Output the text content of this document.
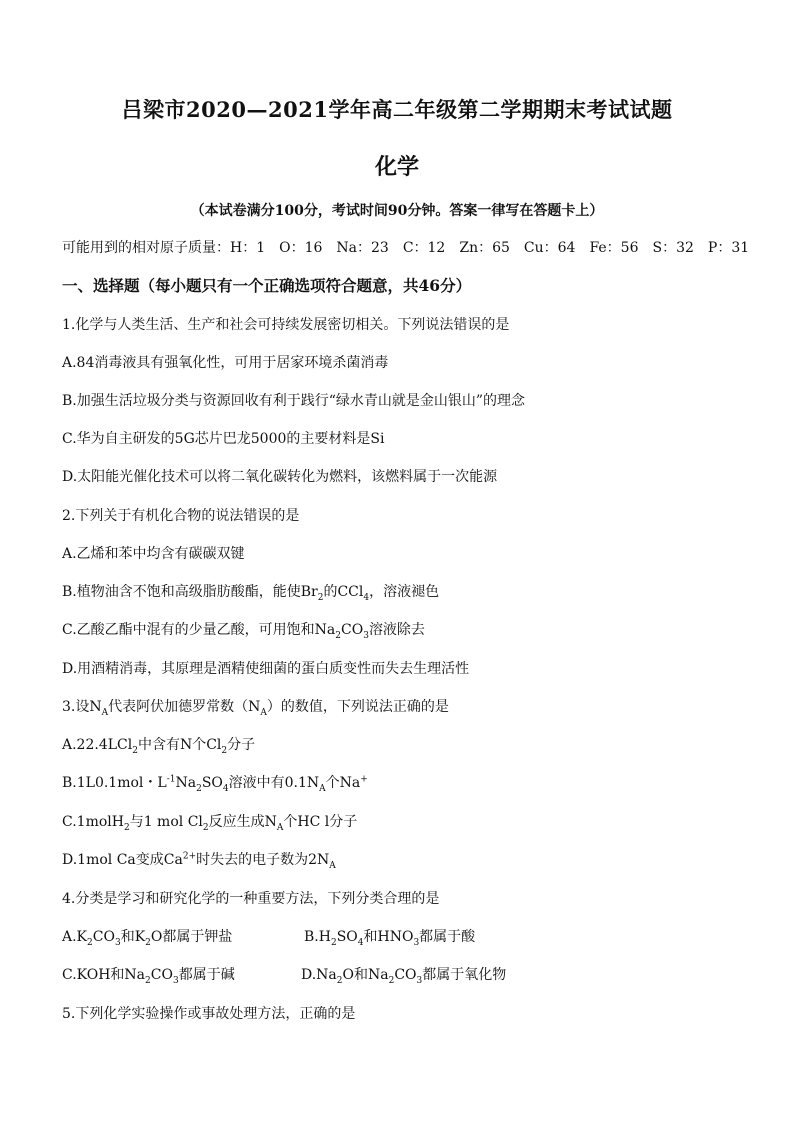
吕梁市2020—2021学年高二年级第二学期期末考试试题
化学
（本试卷满分100分，考试时间90分钟。答案一律写在答题卡上）
可能用到的相对原子质量：H：1　O：16　Na：23　C：12　Zn：65　Cu：64　Fe：56　S：32　P：31
一、选择题（每小题只有一个正确选项符合题意，共46分）
1.化学与人类生活、生产和社会可持续发展密切相关。下列说法错误的是
A.84消毒液具有强氧化性，可用于居家环境杀菌消毒
B.加强生活垃圾分类与资源回收有利于践行“绿水青山就是金山银山”的理念
C.华为自主研发的5G芯片巴龙5000的主要材料是Si
D.太阳能光催化技术可以将二氧化碳转化为燃料，该燃料属于一次能源
2.下列关于有机化合物的说法错误的是
A.乙烯和苯中均含有碳碳双键
B.植物油含不饱和高级脂肪酸酯，能使$Br_2$的CCl$_4$，溶液褪色
C.乙酸乙酯中混有的少量乙酸，可用饱和$Na_2CO_3$溶液除去
D.用酒精消毒，其原理是酒精使细菌的蛋白质变性而失去生理活性
3.设$N_A$代表阿伏加德罗常数$(N_A)$的数值，下列说法正确的是
A.22.4LCl$_2$中含有N个$Cl_2$分子
B.1L0.1mol・$L^{-1}Na_2SO_4$溶液中有$0.1N_A$个Na+
C.1molH$_2$与1 mol $Cl_2$反应生成$N_A$个HC l分子
D.1mol Ca变成$Ca^{2+}$时失去的电子数为$2N_A$
4.分类是学习和研究化学的一种重要方法，下列分类合理的是
$A.K_2CO_3$和$K_2O$都属于钾盐	$B.H_2SO_4$和$HNO_3$都属于酸
C.KOH和$Na_2CO_3$都属于碱	$D.Na_2O$和$Na_2CO_3$都属于氧化物
5.下列化学实验操作或事故处理方法，正确的是
